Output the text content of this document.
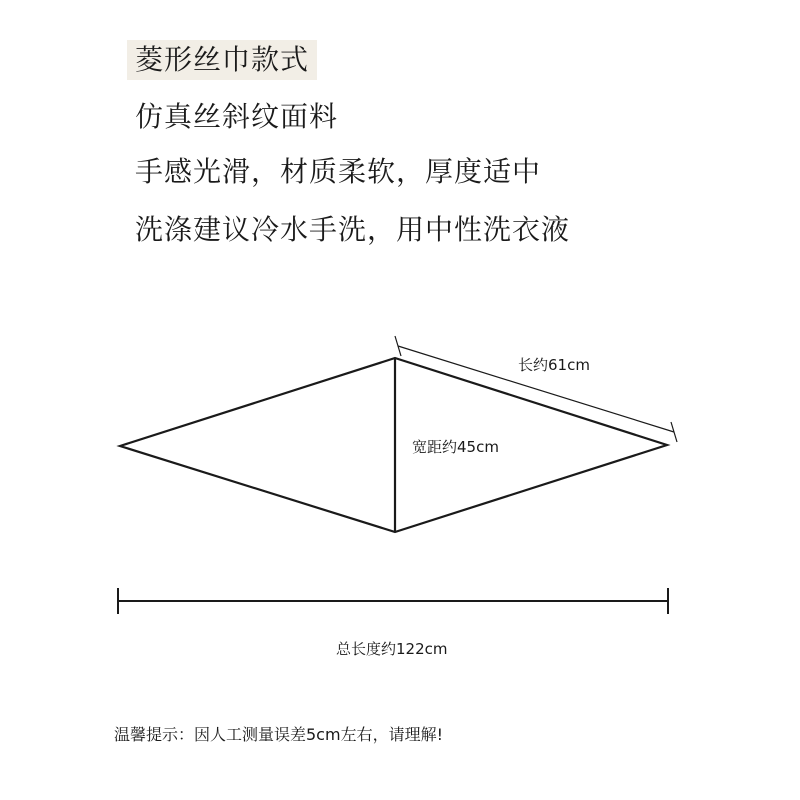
菱形丝巾款式
仿真丝斜纹面料
手感光滑，材质柔软，厚度适中
洗涤建议冷水手洗，用中性洗衣液
长约61cm
宽距约45cm
总长度约122cm
温馨提示：因人工测量误差5cm左右，请理解!
